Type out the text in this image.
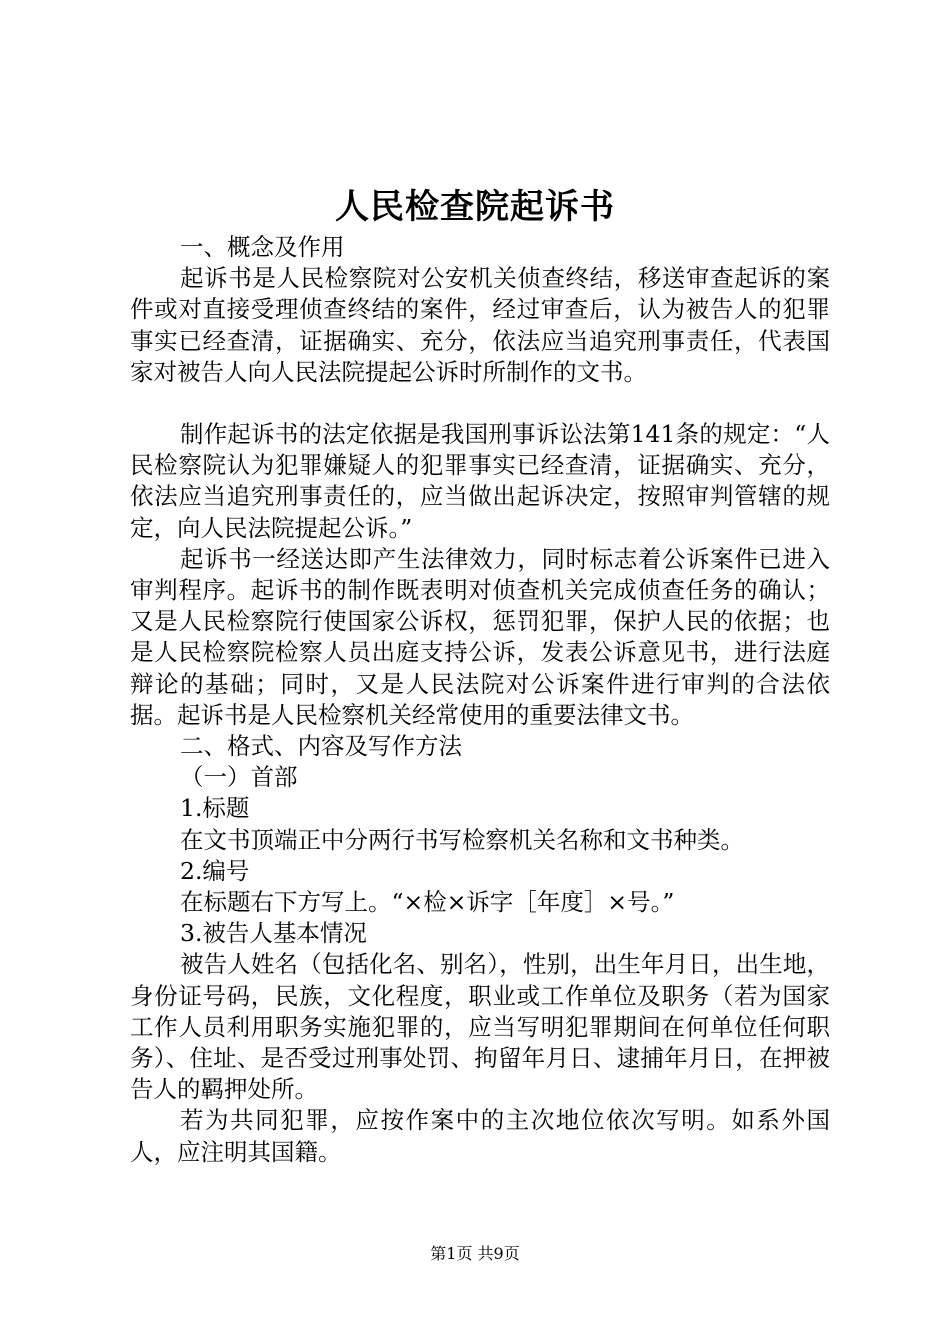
人民检查院起诉书

一、概念及作用

起诉书是人民检察院对公安机关侦查终结，移送审查起诉的案件或对直接受理侦查终结的案件，经过审查后，认为被告人的犯罪事实已经查清，证据确实、充分，依法应当追究刑事责任，代表国家对被告人向人民法院提起公诉时所制作的文书。

制作起诉书的法定依据是我国刑事诉讼法第141条的规定：“人民检察院认为犯罪嫌疑人的犯罪事实已经查清，证据确实、充分，依法应当追究刑事责任的，应当做出起诉决定，按照审判管辖的规定，向人民法院提起公诉。”

起诉书一经送达即产生法律效力，同时标志着公诉案件已进入审判程序。起诉书的制作既表明对侦查机关完成侦查任务的确认；又是人民检察院行使国家公诉权，惩罚犯罪，保护人民的依据；也是人民检察院检察人员出庭支持公诉，发表公诉意见书，进行法庭辩论的基础；同时，又是人民法院对公诉案件进行审判的合法依据。起诉书是人民检察机关经常使用的重要法律文书。

二、格式、内容及写作方法

（一）首部

1.标题

在文书顶端正中分两行书写检察机关名称和文书种类。

2.编号

在标题右下方写上。“×检×诉字［年度］×号。”

3.被告人基本情况

被告人姓名（包括化名、别名），性别，出生年月日，出生地，身份证号码，民族，文化程度，职业或工作单位及职务（若为国家工作人员利用职务实施犯罪的，应当写明犯罪期间在何单位任何职务）、住址、是否受过刑事处罚、拘留年月日、逮捕年月日，在押被告人的羁押处所。

若为共同犯罪，应按作案中的主次地位依次写明。如系外国人，应注明其国籍。

第1页 共9页
